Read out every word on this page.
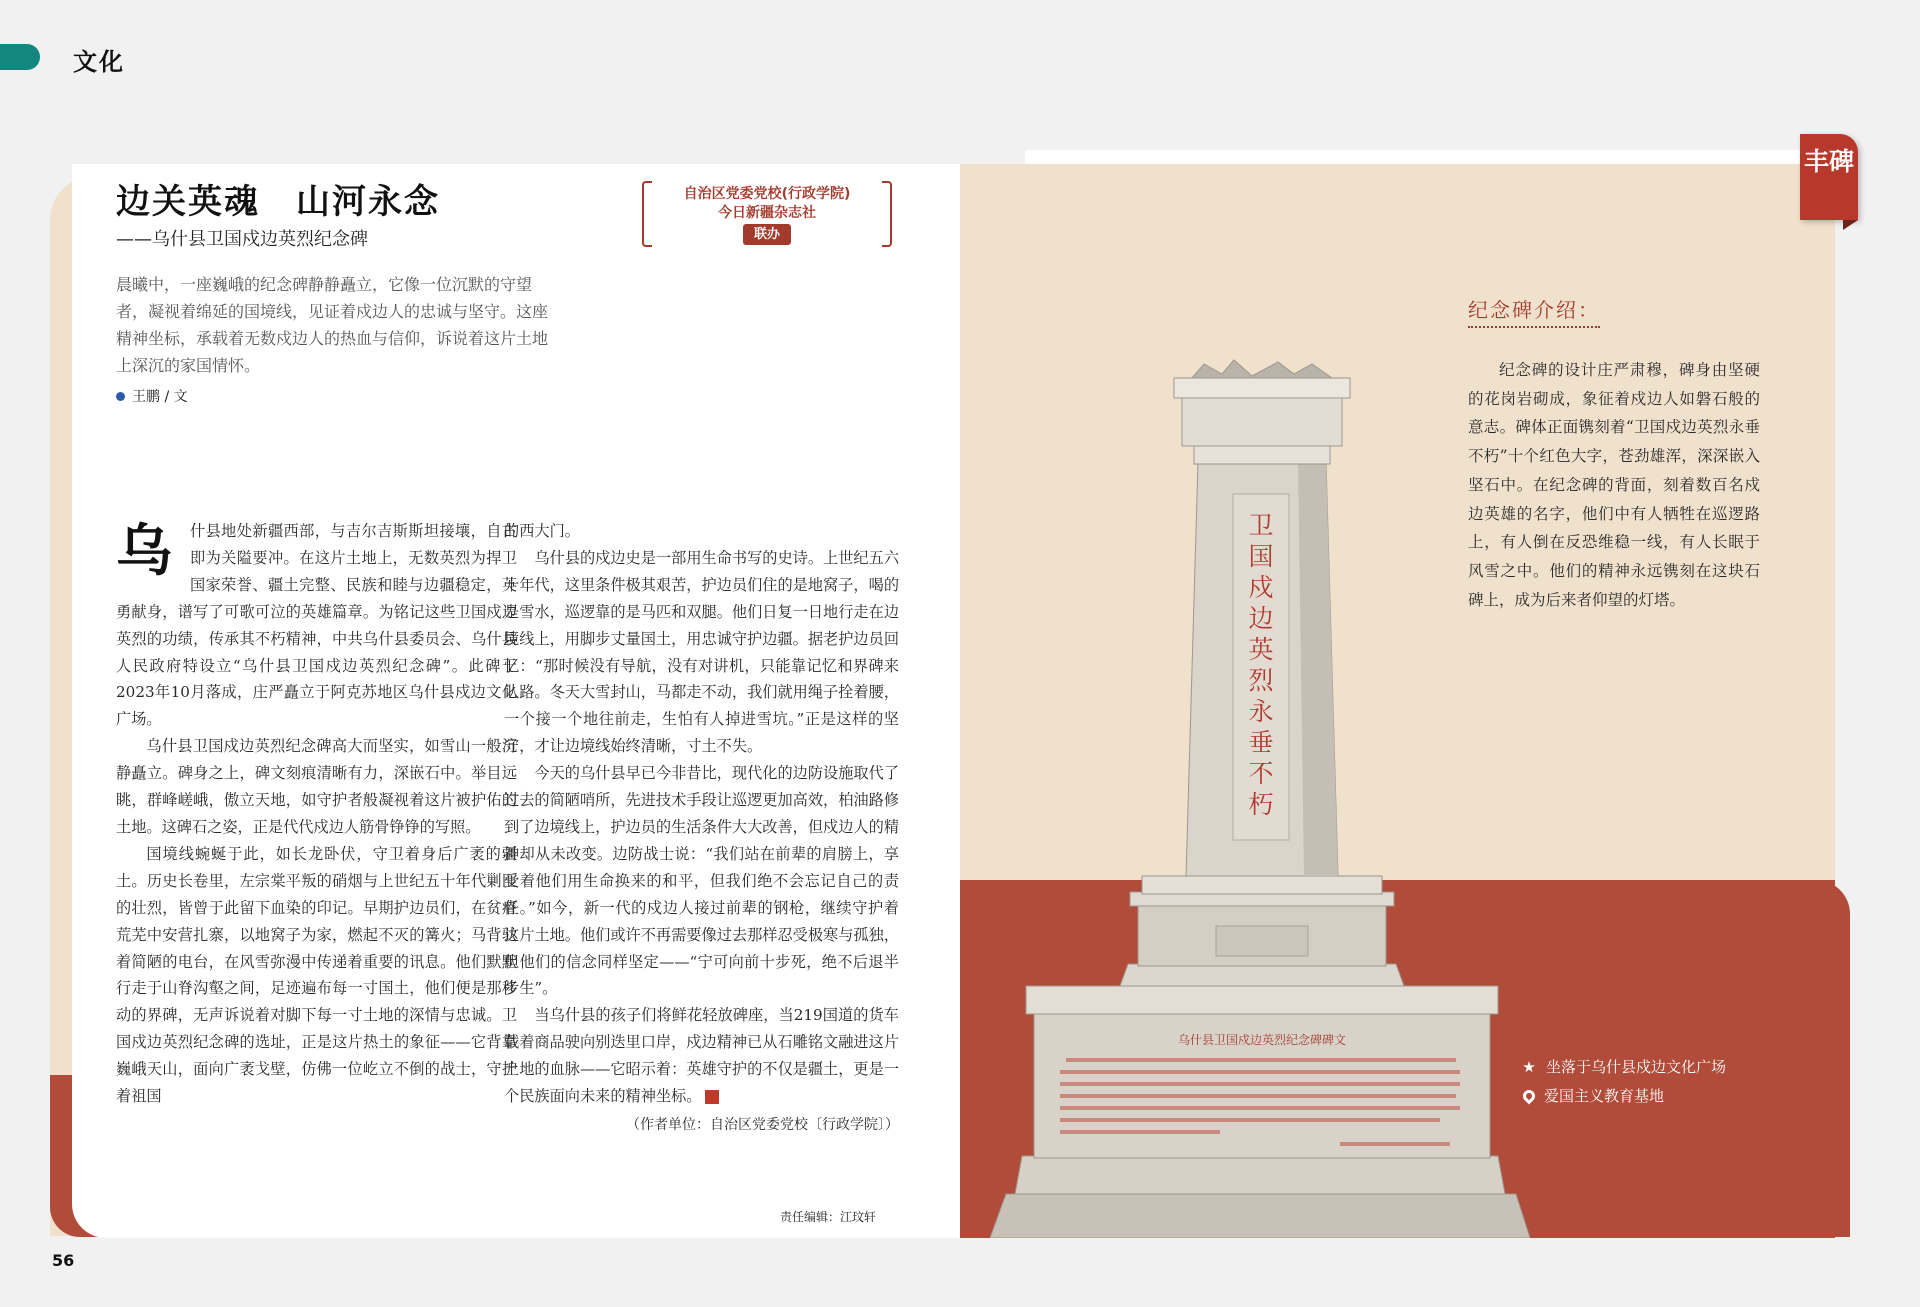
文化
边关英魂　山河永念
——乌什县卫国戍边英烈纪念碑
自治区党委党校(行政学院)
今日新疆杂志社
联办

晨曦中，一座巍峨的纪念碑静静矗立，它像一位沉默的守望者，凝视着绵延的国境线，见证着戍边人的忠诚与坚守。这座精神坐标，承载着无数戍边人的热血与信仰，诉说着这片土地上深沉的家国情怀。

王鹏 / 文
乌	什县地处新疆西部，与吉尔吉斯斯坦接壤，自古即为关隘要冲。在这片土地上，无数英烈为捍卫国家荣誉、疆土完整、民族和睦与边疆稳定，英勇献身，谱写了可歌可泣的英雄篇章。为铭记这些卫国戍边英烈的功绩，传承其不朽精神，中共乌什县委员会、乌什县人民政府特设立“乌什县卫国戍边英烈纪念碑”。此碑于2023年10月落成，庄严矗立于阿克苏地区乌什县戍边文化广场。

乌什县卫国戍边英烈纪念碑高大而坚实，如雪山一般沉静矗立。碑身之上，碑文刻痕清晰有力，深嵌石中。举目远眺，群峰嵯峨，傲立天地，如守护者般凝视着这片被护佑的土地。这碑石之姿，正是代代戍边人筋骨铮铮的写照。

国境线蜿蜒于此，如长龙卧伏，守卫着身后广袤的疆土。历史长卷里，左宗棠平叛的硝烟与上世纪五十年代剿匪的壮烈，皆曾于此留下血染的印记。早期护边员们，在贫瘠荒芜中安营扎寨，以地窝子为家，燃起不灭的篝火；马背驮着简陋的电台，在风雪弥漫中传递着重要的讯息。他们默默行走于山脊沟壑之间，足迹遍布每一寸国土，他们便是那移动的界碑，无声诉说着对脚下每一寸土地的深情与忠诚。卫国戍边英烈纪念碑的选址，正是这片热土的象征——它背靠巍峨天山，面向广袤戈壁，仿佛一位屹立不倒的战士，守护着祖国

的西大门。

乌什县的戍边史是一部用生命书写的史诗。上世纪五六十年代，这里条件极其艰苦，护边员们住的是地窝子，喝的是雪水，巡逻靠的是马匹和双腿。他们日复一日地行走在边境线上，用脚步丈量国土，用忠诚守护边疆。据老护边员回忆：“那时候没有导航，没有对讲机，只能靠记忆和界碑来认路。冬天大雪封山，马都走不动，我们就用绳子拴着腰，一个接一个地往前走，生怕有人掉进雪坑。”正是这样的坚守，才让边境线始终清晰，寸土不失。

今天的乌什县早已今非昔比，现代化的边防设施取代了过去的简陋哨所，先进技术手段让巡逻更加高效，柏油路修到了边境线上，护边员的生活条件大大改善，但戍边人的精神却从未改变。边防战士说：“我们站在前辈的肩膀上，享受着他们用生命换来的和平，但我们绝不会忘记自己的责任。”如今，新一代的戍边人接过前辈的钢枪，继续守护着这片土地。他们或许不再需要像过去那样忍受极寒与孤独，但他们的信念同样坚定——“宁可向前十步死，绝不后退半步生”。

当乌什县的孩子们将鲜花轻放碑座，当219国道的货车载着商品驶向别迭里口岸，戍边精神已从石雕铭文融进这片土地的血脉——它昭示着：英雄守护的不仅是疆土，更是一个民族面向未来的精神坐标。

（作者单位：自治区党委党校〔行政学院〕）
责任编辑：江玟轩
乌什县卫国戍边英烈纪念碑碑文
卫
国
戍
边
英
烈
永
垂
不
朽
纪念碑介绍：

纪念碑的设计庄严肃穆，碑身由坚硬的花岗岩砌成，象征着戍边人如磐石般的意志。碑体正面镌刻着“卫国戍边英烈永垂不朽”十个红色大字，苍劲雄浑，深深嵌入坚石中。在纪念碑的背面，刻着数百名戍边英雄的名字，他们中有人牺牲在巡逻路上，有人倒在反恐维稳一线，有人长眠于风雪之中。他们的精神永远镌刻在这块石碑上，成为后来者仰望的灯塔。

★ 坐落于乌什县戍边文化广场
爱国主义教育基地
丰碑
56
